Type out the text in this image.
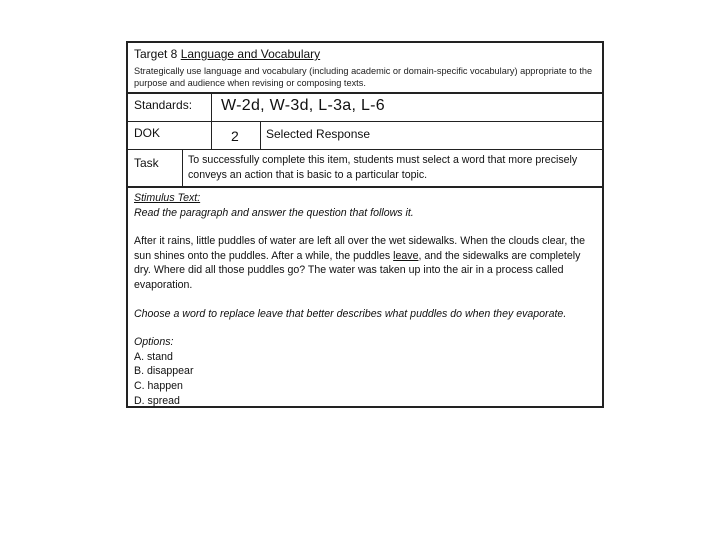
Target 8 Language and Vocabulary
Strategically use language and vocabulary (including academic or domain-specific vocabulary) appropriate to the purpose and audience when revising or composing texts.
Standards: W-2d, W-3d, L-3a, L-6
DOK	2 Selected Response
Task	To successfully complete this item, students must select a word that more precisely conveys an action that is basic to a particular topic.
Stimulus Text:
Read the paragraph and answer the question that follows it.
After it rains, little puddles of water are left all over the wet sidewalks. When the clouds clear, the sun shines onto the puddles. After a while, the puddles leave, and the sidewalks are completely dry. Where did all those puddles go? The water was taken up into the air in a process called evaporation.
Choose a word to replace leave that better describes what puddles do when they evaporate.
Options:
A. stand
B. disappear
C. happen
D. spread
